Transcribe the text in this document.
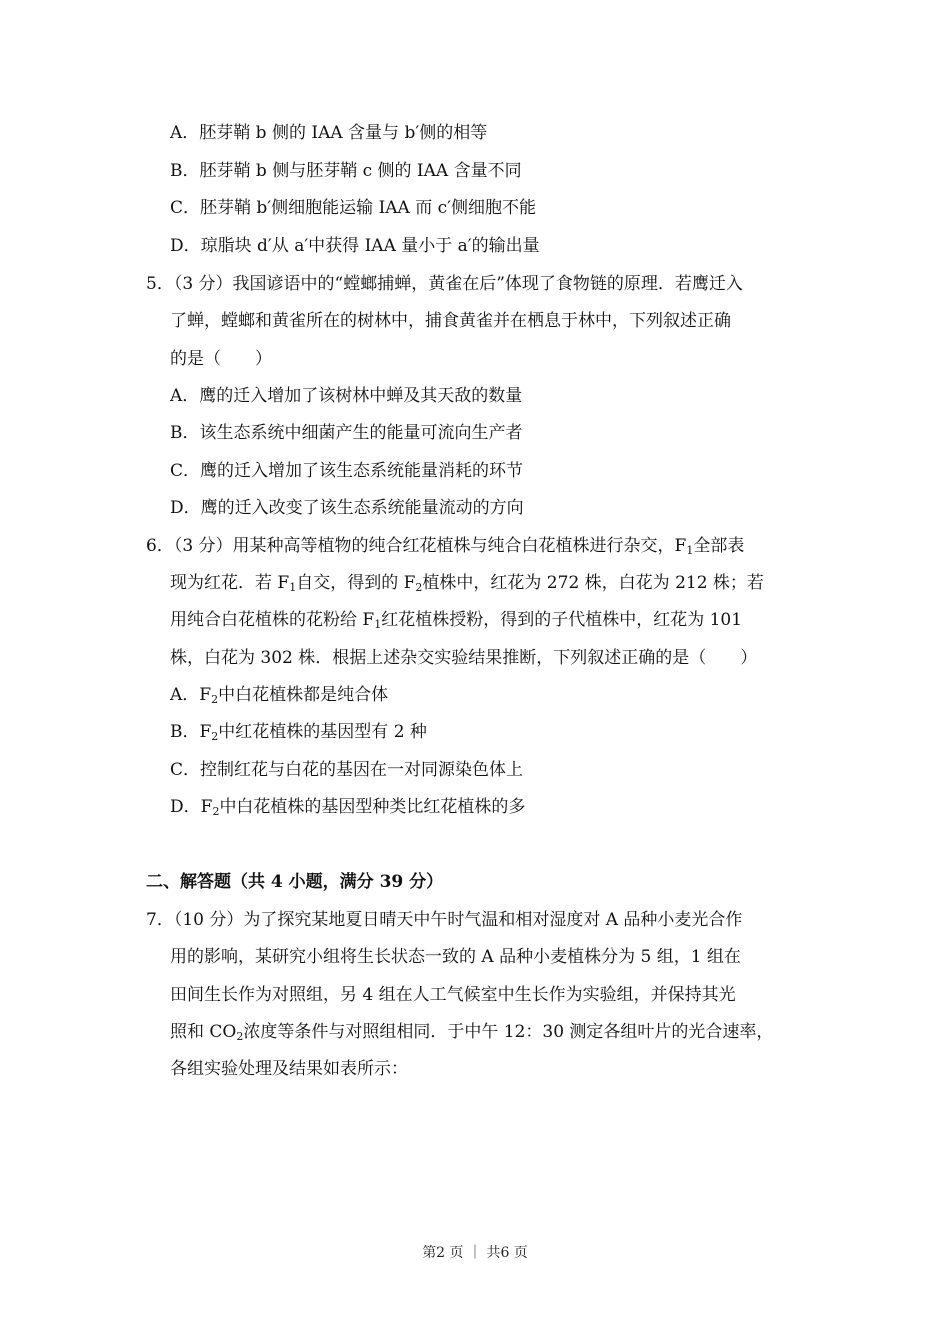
A．胚芽鞘 b 侧的 IAA 含量与 b′侧的相等
B．胚芽鞘 b 侧与胚芽鞘 c 侧的 IAA 含量不同
C．胚芽鞘 b′侧细胞能运输 IAA 而 c′侧细胞不能
D．琼脂块 d′从 a′中获得 IAA 量小于 a′的输出量
5．（3 分）我国谚语中的“螳螂捕蝉，黄雀在后”体现了食物链的原理．若鹰迁入
了蝉，螳螂和黄雀所在的树林中，捕食黄雀并在栖息于林中，下列叙述正确
的是（　　）
A．鹰的迁入增加了该树林中蝉及其天敌的数量
B．该生态系统中细菌产生的能量可流向生产者
C．鹰的迁入增加了该生态系统能量消耗的环节
D．鹰的迁入改变了该生态系统能量流动的方向
6．（3 分）用某种高等植物的纯合红花植株与纯合白花植株进行杂交，$F_1$全部表
现为红花．若 $F_1$自交，得到的 $F_2$植株中，红花为 272 株，白花为 212 株；若
用纯合白花植株的花粉给 $F_1$红花植株授粉，得到的子代植株中，红花为 101
株，白花为 302 株．根据上述杂交实验结果推断，下列叙述正确的是（　　）
A．$F_2$中白花植株都是纯合体
B．$F_2$中红花植株的基因型有 2 种
C．控制红花与白花的基因在一对同源染色体上
D．$F_2$中白花植株的基因型种类比红花植株的多
二、解答题（共 4 小题，满分 39 分）
7．（10 分）为了探究某地夏日晴天中午时气温和相对湿度对 A 品种小麦光合作
用的影响，某研究小组将生长状态一致的 A 品种小麦植株分为 5 组，1 组在
田间生长作为对照组，另 4 组在人工气候室中生长作为实验组，并保持其光
照和 $CO_2$浓度等条件与对照组相同．于中午 12：30 测定各组叶片的光合速率，
各组实验处理及结果如表所示：
第2 页 ｜ 共6 页
